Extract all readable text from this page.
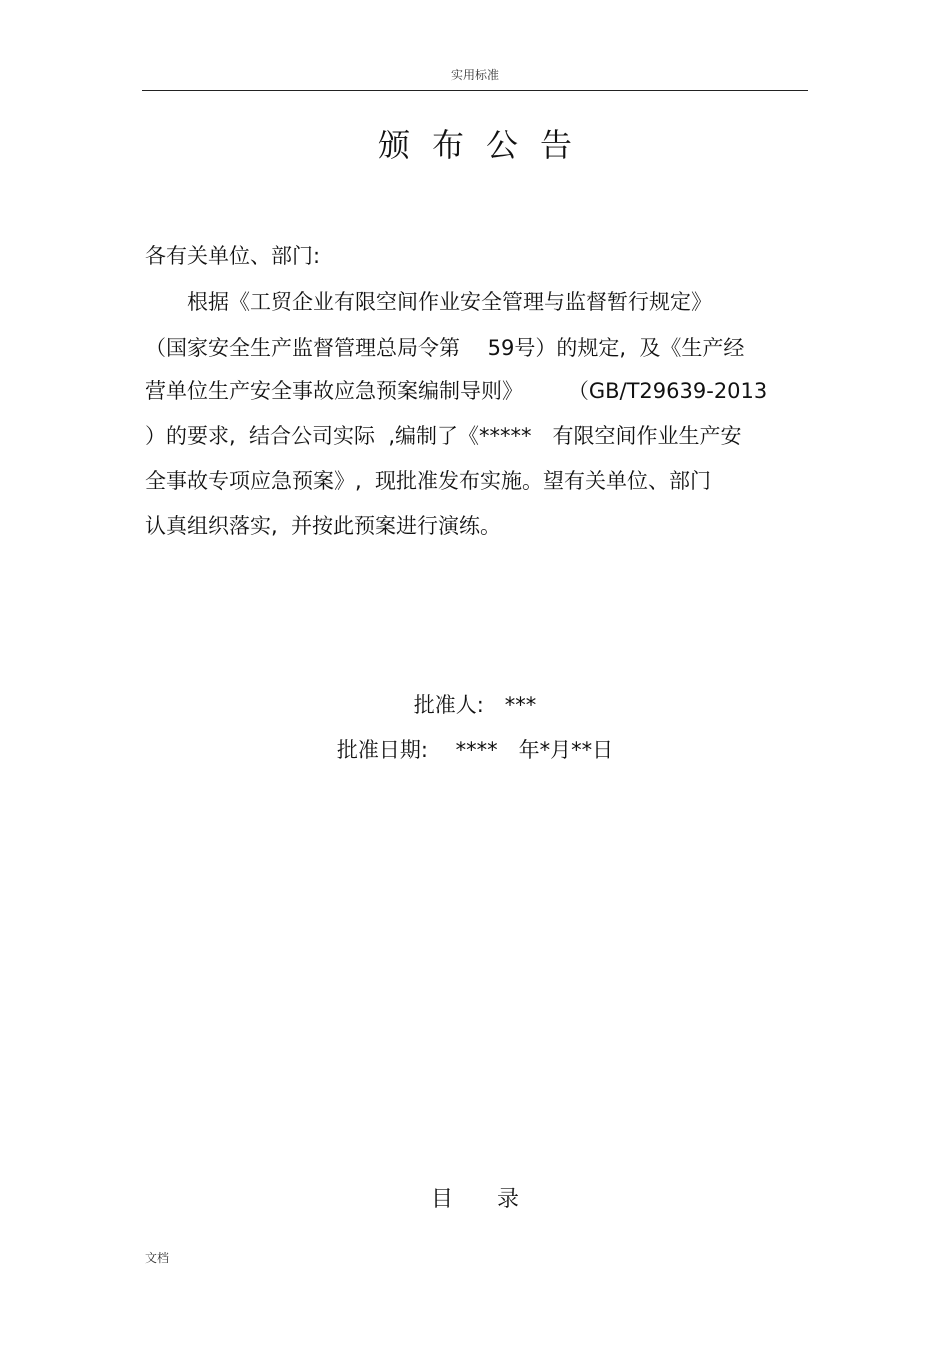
实用标准
颁布公告
各有关单位、部门:
　　根据《工贸企业有限空间作业安全管理与监督暂行规定》
（国家安全生产监督管理总局令第　 59号）的规定,  及《生产经
营单位生产安全事故应急预案编制导则》　　  （GB/T29639-2013
）的要求,  结合公司实际  ,编制了《*****　有限空间作业生产安
全事故专项应急预案》,  现批准发布实施。望有关单位、部门
认真组织落实,  并按此预案进行演练。
批准人:　***
批准日期:　 ****　年*月**日
目　　录
文档
